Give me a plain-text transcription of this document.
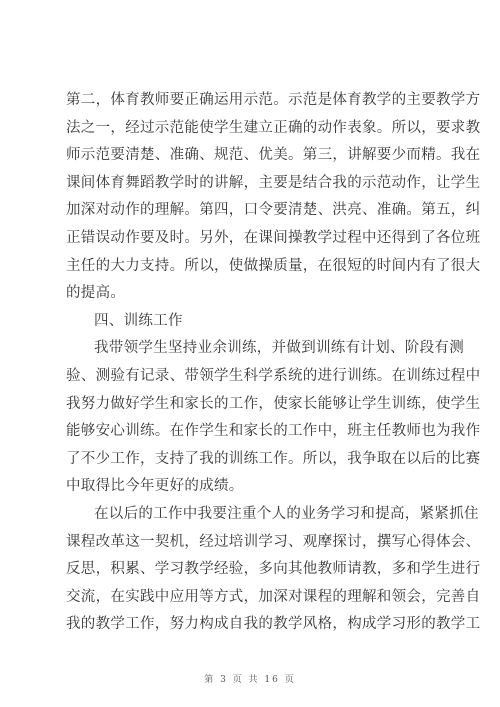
第二，体育教师要正确运用示范。示范是体育教学的主要教学方
法之一，经过示范能使学生建立正确的动作表象。所以，要求教
师示范要清楚、准确、规范、优美。第三，讲解要少而精。我在
课间体育舞蹈教学时的讲解，主要是结合我的示范动作，让学生
加深对动作的理解。第四，口令要清楚、洪亮、准确。第五，纠
正错误动作要及时。另外，在课间操教学过程中还得到了各位班
主任的大力支持。所以，使做操质量，在很短的时间内有了很大
的提高。
四、训练工作
我带领学生坚持业余训练，并做到训练有计划、阶段有测
验、测验有记录、带领学生科学系统的进行训练。在训练过程中
我努力做好学生和家长的工作，使家长能够让学生训练，使学生
能够安心训练。在作学生和家长的工作中，班主任教师也为我作
了不少工作，支持了我的训练工作。所以，我争取在以后的比赛
中取得比今年更好的成绩。
在以后的工作中我要注重个人的业务学习和提高，紧紧抓住
课程改革这一契机，经过培训学习、观摩探讨，撰写心得体会、
反思，积累、学习教学经验，多向其他教师请教，多和学生进行
交流，在实践中应用等方式，加深对课程的理解和领会，完善自
我的教学工作，努力构成自我的教学风格，构成学习形的教学工
第 3 页 共 16 页
